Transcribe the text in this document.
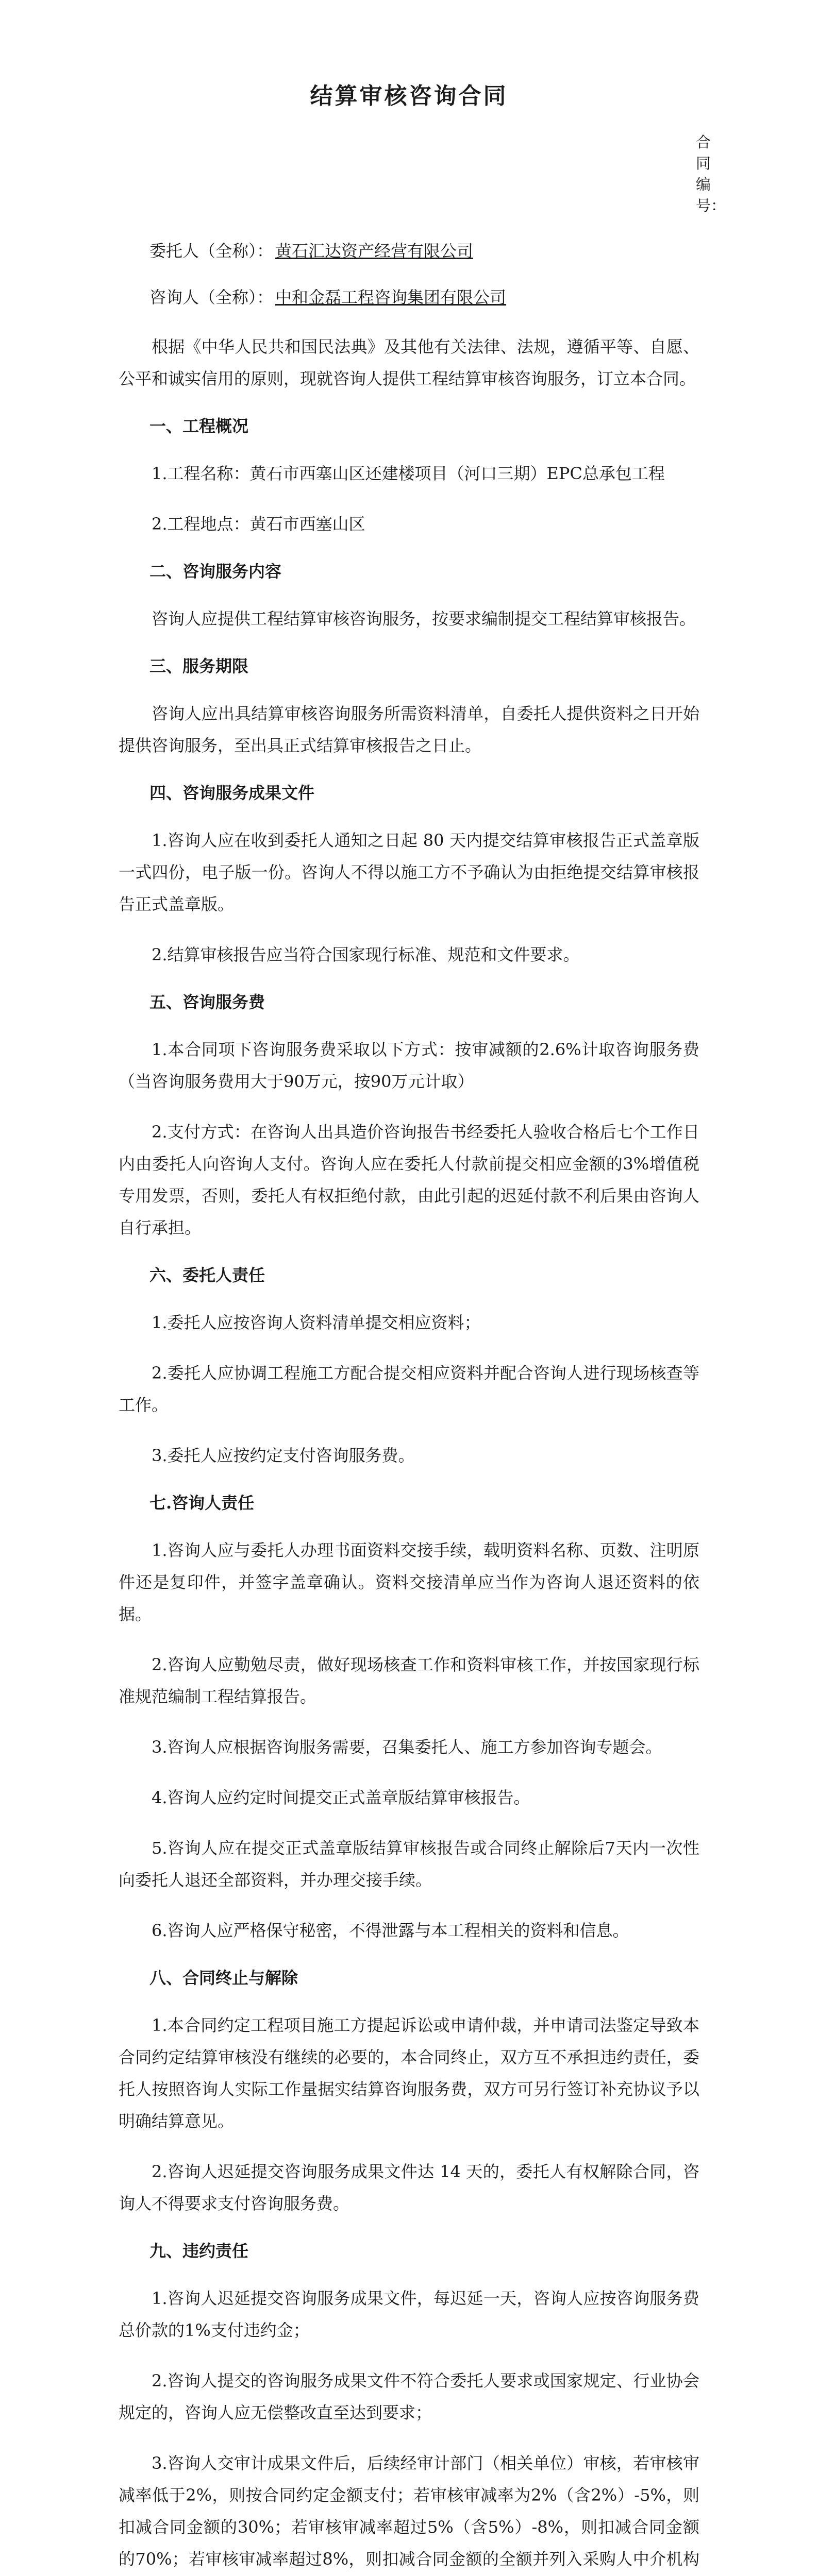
结算审核咨询合同
合同编号：
委托人（全称）： 黄石汇达资产经营有限公司
咨询人（全称）： 中和金磊工程咨询集团有限公司
根据《中华人民共和国民法典》及其他有关法律、法规，遵循平等、自愿、公平和诚实信用的原则，现就咨询人提供工程结算审核咨询服务，订立本合同。
一、工程概况
1.工程名称：黄石市西塞山区还建楼项目（河口三期）EPC总承包工程
2.工程地点：黄石市西塞山区
二、咨询服务内容
咨询人应提供工程结算审核咨询服务，按要求编制提交工程结算审核报告。
三、服务期限
咨询人应出具结算审核咨询服务所需资料清单，自委托人提供资料之日开始提供咨询服务，至出具正式结算审核报告之日止。
四、咨询服务成果文件
1.咨询人应在收到委托人通知之日起 80 天内提交结算审核报告正式盖章版一式四份，电子版一份。咨询人不得以施工方不予确认为由拒绝提交结算审核报告正式盖章版。
2.结算审核报告应当符合国家现行标准、规范和文件要求。
五、咨询服务费
1.本合同项下咨询服务费采取以下方式：按审减额的2.6%计取咨询服务费（当咨询服务费用大于90万元，按90万元计取）
2.支付方式：在咨询人出具造价咨询报告书经委托人验收合格后七个工作日内由委托人向咨询人支付。咨询人应在委托人付款前提交相应金额的3%增值税专用发票，否则，委托人有权拒绝付款，由此引起的迟延付款不利后果由咨询人自行承担。
六、委托人责任
1.委托人应按咨询人资料清单提交相应资料；
2.委托人应协调工程施工方配合提交相应资料并配合咨询人进行现场核查等工作。
3.委托人应按约定支付咨询服务费。
七.咨询人责任
1.咨询人应与委托人办理书面资料交接手续，载明资料名称、页数、注明原件还是复印件，并签字盖章确认。资料交接清单应当作为咨询人退还资料的依据。
2.咨询人应勤勉尽责，做好现场核查工作和资料审核工作，并按国家现行标准规范编制工程结算报告。
3.咨询人应根据咨询服务需要，召集委托人、施工方参加咨询专题会。
4.咨询人应约定时间提交正式盖章版结算审核报告。
5.咨询人应在提交正式盖章版结算审核报告或合同终止解除后7天内一次性向委托人退还全部资料，并办理交接手续。
6.咨询人应严格保守秘密，不得泄露与本工程相关的资料和信息。
八、合同终止与解除
1.本合同约定工程项目施工方提起诉讼或申请仲裁，并申请司法鉴定导致本合同约定结算审核没有继续的必要的，本合同终止，双方互不承担违约责任，委托人按照咨询人实际工作量据实结算咨询服务费，双方可另行签订补充协议予以明确结算意见。
2.咨询人迟延提交咨询服务成果文件达 14 天的，委托人有权解除合同，咨询人不得要求支付咨询服务费。
九、违约责任
1.咨询人迟延提交咨询服务成果文件，每迟延一天，咨询人应按咨询服务费总价款的1%支付违约金；
2.咨询人提交的咨询服务成果文件不符合委托人要求或国家规定、行业协会规定的，咨询人应无偿整改直至达到要求；
3.咨询人交审计成果文件后，后续经审计部门（相关单位）审核，若审核审减率低于2%，则按合同约定金额支付；若审核审减率为2%（含2%）-5%，则扣减合同金额的30%；若审核审减率超过5%（含5%）-8%，则扣减合同金额的70%；若审核审减率超过8%，则扣减合同金额的全额并列入采购人中介机构
